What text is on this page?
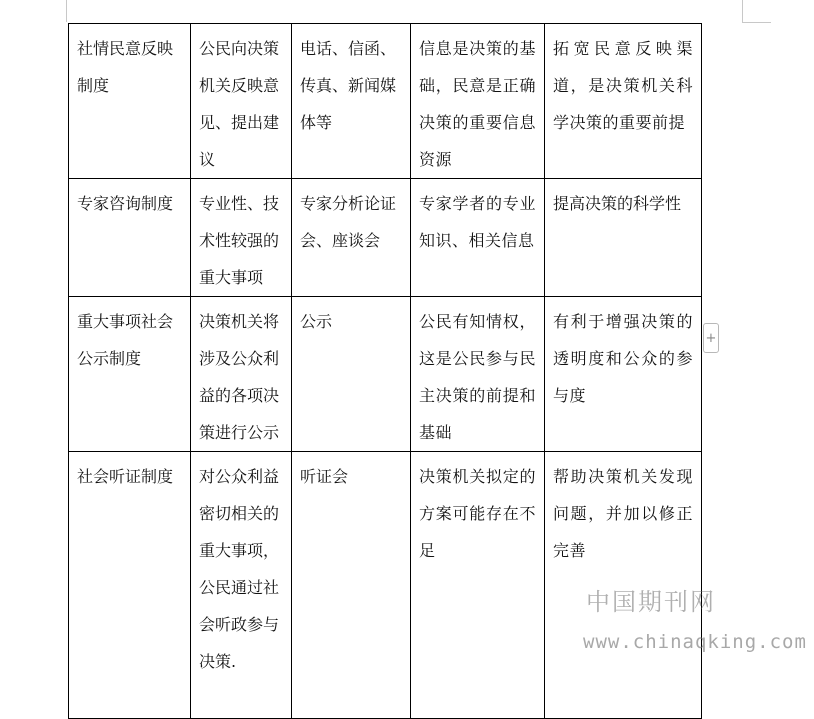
社情民意反映制度	公民向决策机关反映意见、提出建议	电话、信函、传真、新闻媒体等	信息是决策的基础，民意是正确决策的重要信息资源	拓宽民意反映渠道，是决策机关科学决策的重要前提
专家咨询制度	专业性、技术性较强的重大事项	专家分析论证会、座谈会	专家学者的专业知识、相关信息	提高决策的科学性
重大事项社会公示制度	决策机关将涉及公众利益的各项决策进行公示	公示	公民有知情权，这是公民参与民主决策的前提和基础	有利于增强决策的透明度和公众的参与度
社会听证制度	对公众利益密切相关的重大事项，公民通过社会听政参与决策.	听证会	决策机关拟定的方案可能存在不足	帮助决策机关发现问题，并加以修正完善
+
中国期刊网
www.chinaqking.com
